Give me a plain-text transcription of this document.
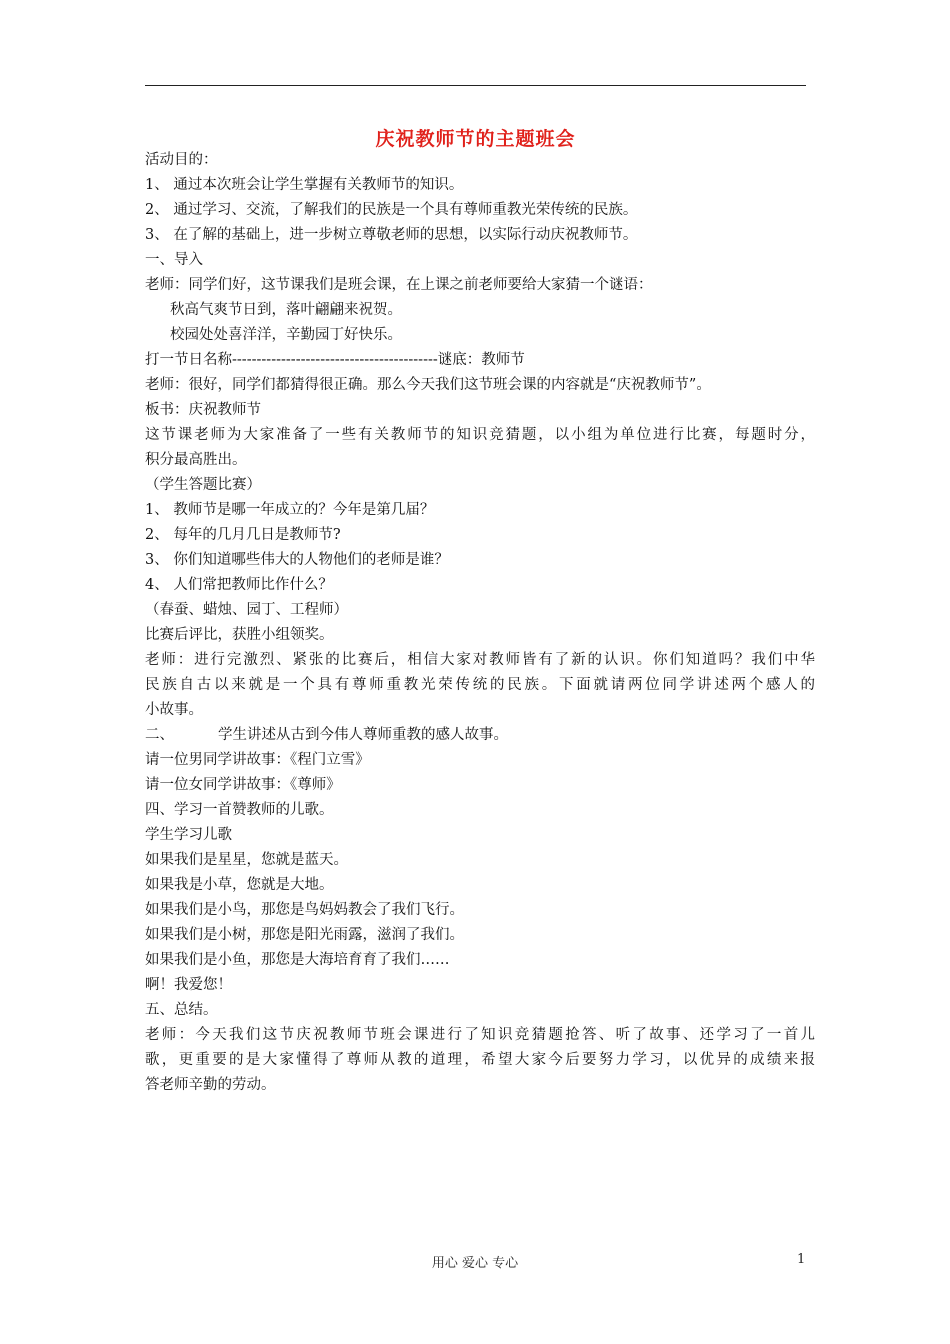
庆祝教师节的主题班会
活动目的：
1、 通过本次班会让学生掌握有关教师节的知识。
2、 通过学习、交流，了解我们的民族是一个具有尊师重教光荣传统的民族。
3、 在了解的基础上，进一步树立尊敬老师的思想，以实际行动庆祝教师节。
一、导入
老师：同学们好，这节课我们是班会课，在上课之前老师要给大家猜一个谜语：
秋高气爽节日到，落叶翩翩来祝贺。
校园处处喜洋洋，辛勤园丁好快乐。
打一节日名称------------------------------------------谜底：教师节
老师：很好，同学们都猜得很正确。那么今天我们这节班会课的内容就是“庆祝教师节”。
板书：庆祝教师节
这节课老师为大家准备了一些有关教师节的知识竞猜题，以小组为单位进行比赛，每题时分，
积分最高胜出。
（学生答题比赛）
1、 教师节是哪一年成立的？今年是第几届？
2、 每年的几月几日是教师节?
3、 你们知道哪些伟大的人物他们的老师是谁？
4、 人们常把教师比作什么？
（春蚕、蜡烛、园丁、工程师）
比赛后评比，获胜小组领奖。
老师：进行完激烈、紧张的比赛后，相信大家对教师皆有了新的认识。你们知道吗？我们中华
民族自古以来就是一个具有尊师重教光荣传统的民族。下面就请两位同学讲述两个感人的
小故事。
二、	学生讲述从古到今伟人尊师重教的感人故事。
请一位男同学讲故事：《程门立雪》
请一位女同学讲故事：《尊师》
四、学习一首赞教师的儿歌。
学生学习儿歌
如果我们是星星，您就是蓝天。
如果我是小草，您就是大地。
如果我们是小鸟，那您是鸟妈妈教会了我们飞行。
如果我们是小树，那您是阳光雨露，滋润了我们。
如果我们是小鱼，那您是大海培育育了我们……
啊！我爱您！
五、总结。
老师：今天我们这节庆祝教师节班会课进行了知识竞猜题抢答、听了故事、还学习了一首儿
歌，更重要的是大家懂得了尊师从教的道理，希望大家今后要努力学习，以优异的成绩来报
答老师辛勤的劳动。
用心 爱心 专心	1
